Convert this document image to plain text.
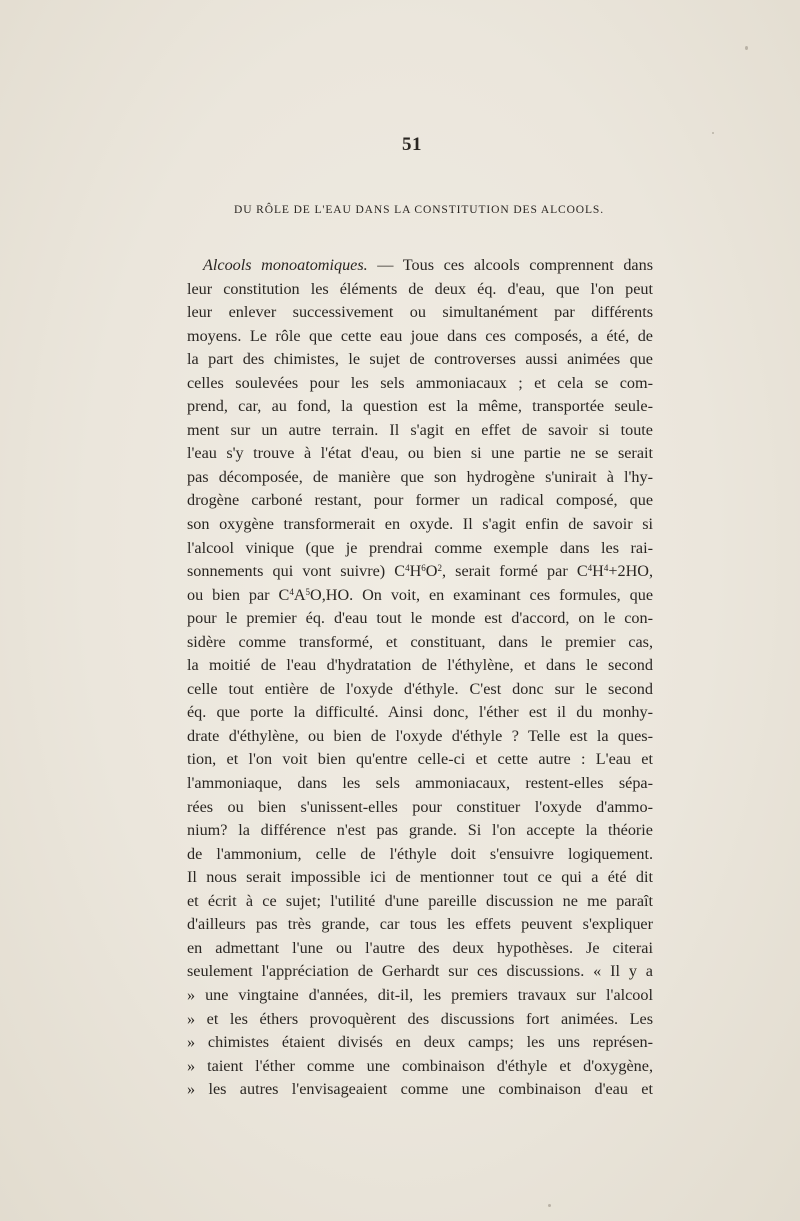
51
DU RÔLE DE L'EAU DANS LA CONSTITUTION DES ALCOOLS.
Alcools monoatomiques. — Tous ces alcools comprennent dans
leur constitution les éléments de deux éq. d'eau, que l'on peut
leur enlever successivement ou simultanément par différents
moyens. Le rôle que cette eau joue dans ces composés, a été, de
la part des chimistes, le sujet de controverses aussi animées que
celles soulevées pour les sels ammoniacaux ; et cela se com-
prend, car, au fond, la question est la même, transportée seule-
ment sur un autre terrain. Il s'agit en effet de savoir si toute
l'eau s'y trouve à l'état d'eau, ou bien si une partie ne se serait
pas décomposée, de manière que son hydrogène s'unirait à l'hy-
drogène carboné restant, pour former un radical composé, que
son oxygène transformerait en oxyde. Il s'agit enfin de savoir si
l'alcool vinique (que je prendrai comme exemple dans les rai-
sonnements qui vont suivre) $C^4H^6O^2$, serait formé par $C^4H^4+2HO$,
ou bien par $C^4A^5O,HO$. On voit, en examinant ces formules, que
pour le premier éq. d'eau tout le monde est d'accord, on le con-
sidère comme transformé, et constituant, dans le premier cas,
la moitié de l'eau d'hydratation de l'éthylène, et dans le second
celle tout entière de l'oxyde d'éthyle. C'est donc sur le second
éq. que porte la difficulté. Ainsi donc, l'éther est il du monhy-
drate d'éthylène, ou bien de l'oxyde d'éthyle ? Telle est la ques-
tion, et l'on voit bien qu'entre celle-ci et cette autre : L'eau et
l'ammoniaque, dans les sels ammoniacaux, restent-elles sépa-
rées ou bien s'unissent-elles pour constituer l'oxyde d'ammo-
nium? la différence n'est pas grande. Si l'on accepte la théorie
de l'ammonium, celle de l'éthyle doit s'ensuivre logiquement.
Il nous serait impossible ici de mentionner tout ce qui a été dit
et écrit à ce sujet; l'utilité d'une pareille discussion ne me paraît
d'ailleurs pas très grande, car tous les effets peuvent s'expliquer
en admettant l'une ou l'autre des deux hypothèses. Je citerai
seulement l'appréciation de Gerhardt sur ces discussions. « Il y a
» une vingtaine d'années, dit-il, les premiers travaux sur l'alcool
» et les éthers provoquèrent des discussions fort animées. Les
» chimistes étaient divisés en deux camps; les uns représen-
» taient l'éther comme une combinaison d'éthyle et d'oxygène,
» les autres l'envisageaient comme une combinaison d'eau et
